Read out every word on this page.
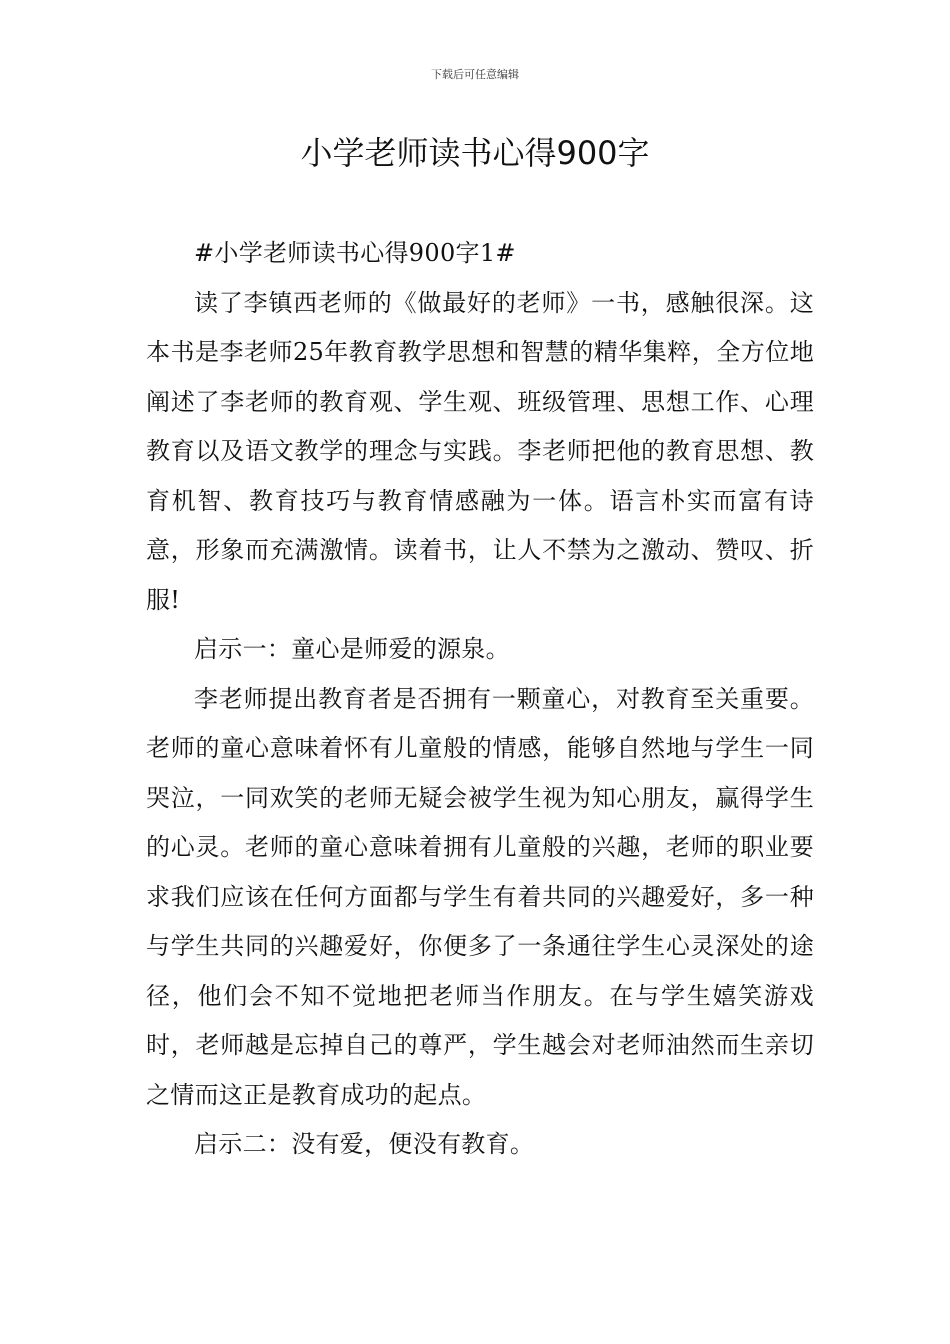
下载后可任意编辑
小学老师读书心得900字

#小学老师读书心得900字1#

读了李镇西老师的《做最好的老师》一书，感触很深。这本书是李老师25年教育教学思想和智慧的精华集粹，全方位地阐述了李老师的教育观、学生观、班级管理、思想工作、心理教育以及语文教学的理念与实践。李老师把他的教育思想、教育机智、教育技巧与教育情感融为一体。语言朴实而富有诗意，形象而充满激情。读着书，让人不禁为之激动、赞叹、折服!

启示一：童心是师爱的源泉。

李老师提出教育者是否拥有一颗童心，对教育至关重要。老师的童心意味着怀有儿童般的情感，能够自然地与学生一同哭泣，一同欢笑的老师无疑会被学生视为知心朋友，赢得学生的心灵。老师的童心意味着拥有儿童般的兴趣，老师的职业要求我们应该在任何方面都与学生有着共同的兴趣爱好，多一种与学生共同的兴趣爱好，你便多了一条通往学生心灵深处的途径，他们会不知不觉地把老师当作朋友。在与学生嬉笑游戏时，老师越是忘掉自己的尊严，学生越会对老师油然而生亲切之情而这正是教育成功的起点。

启示二：没有爱，便没有教育。
